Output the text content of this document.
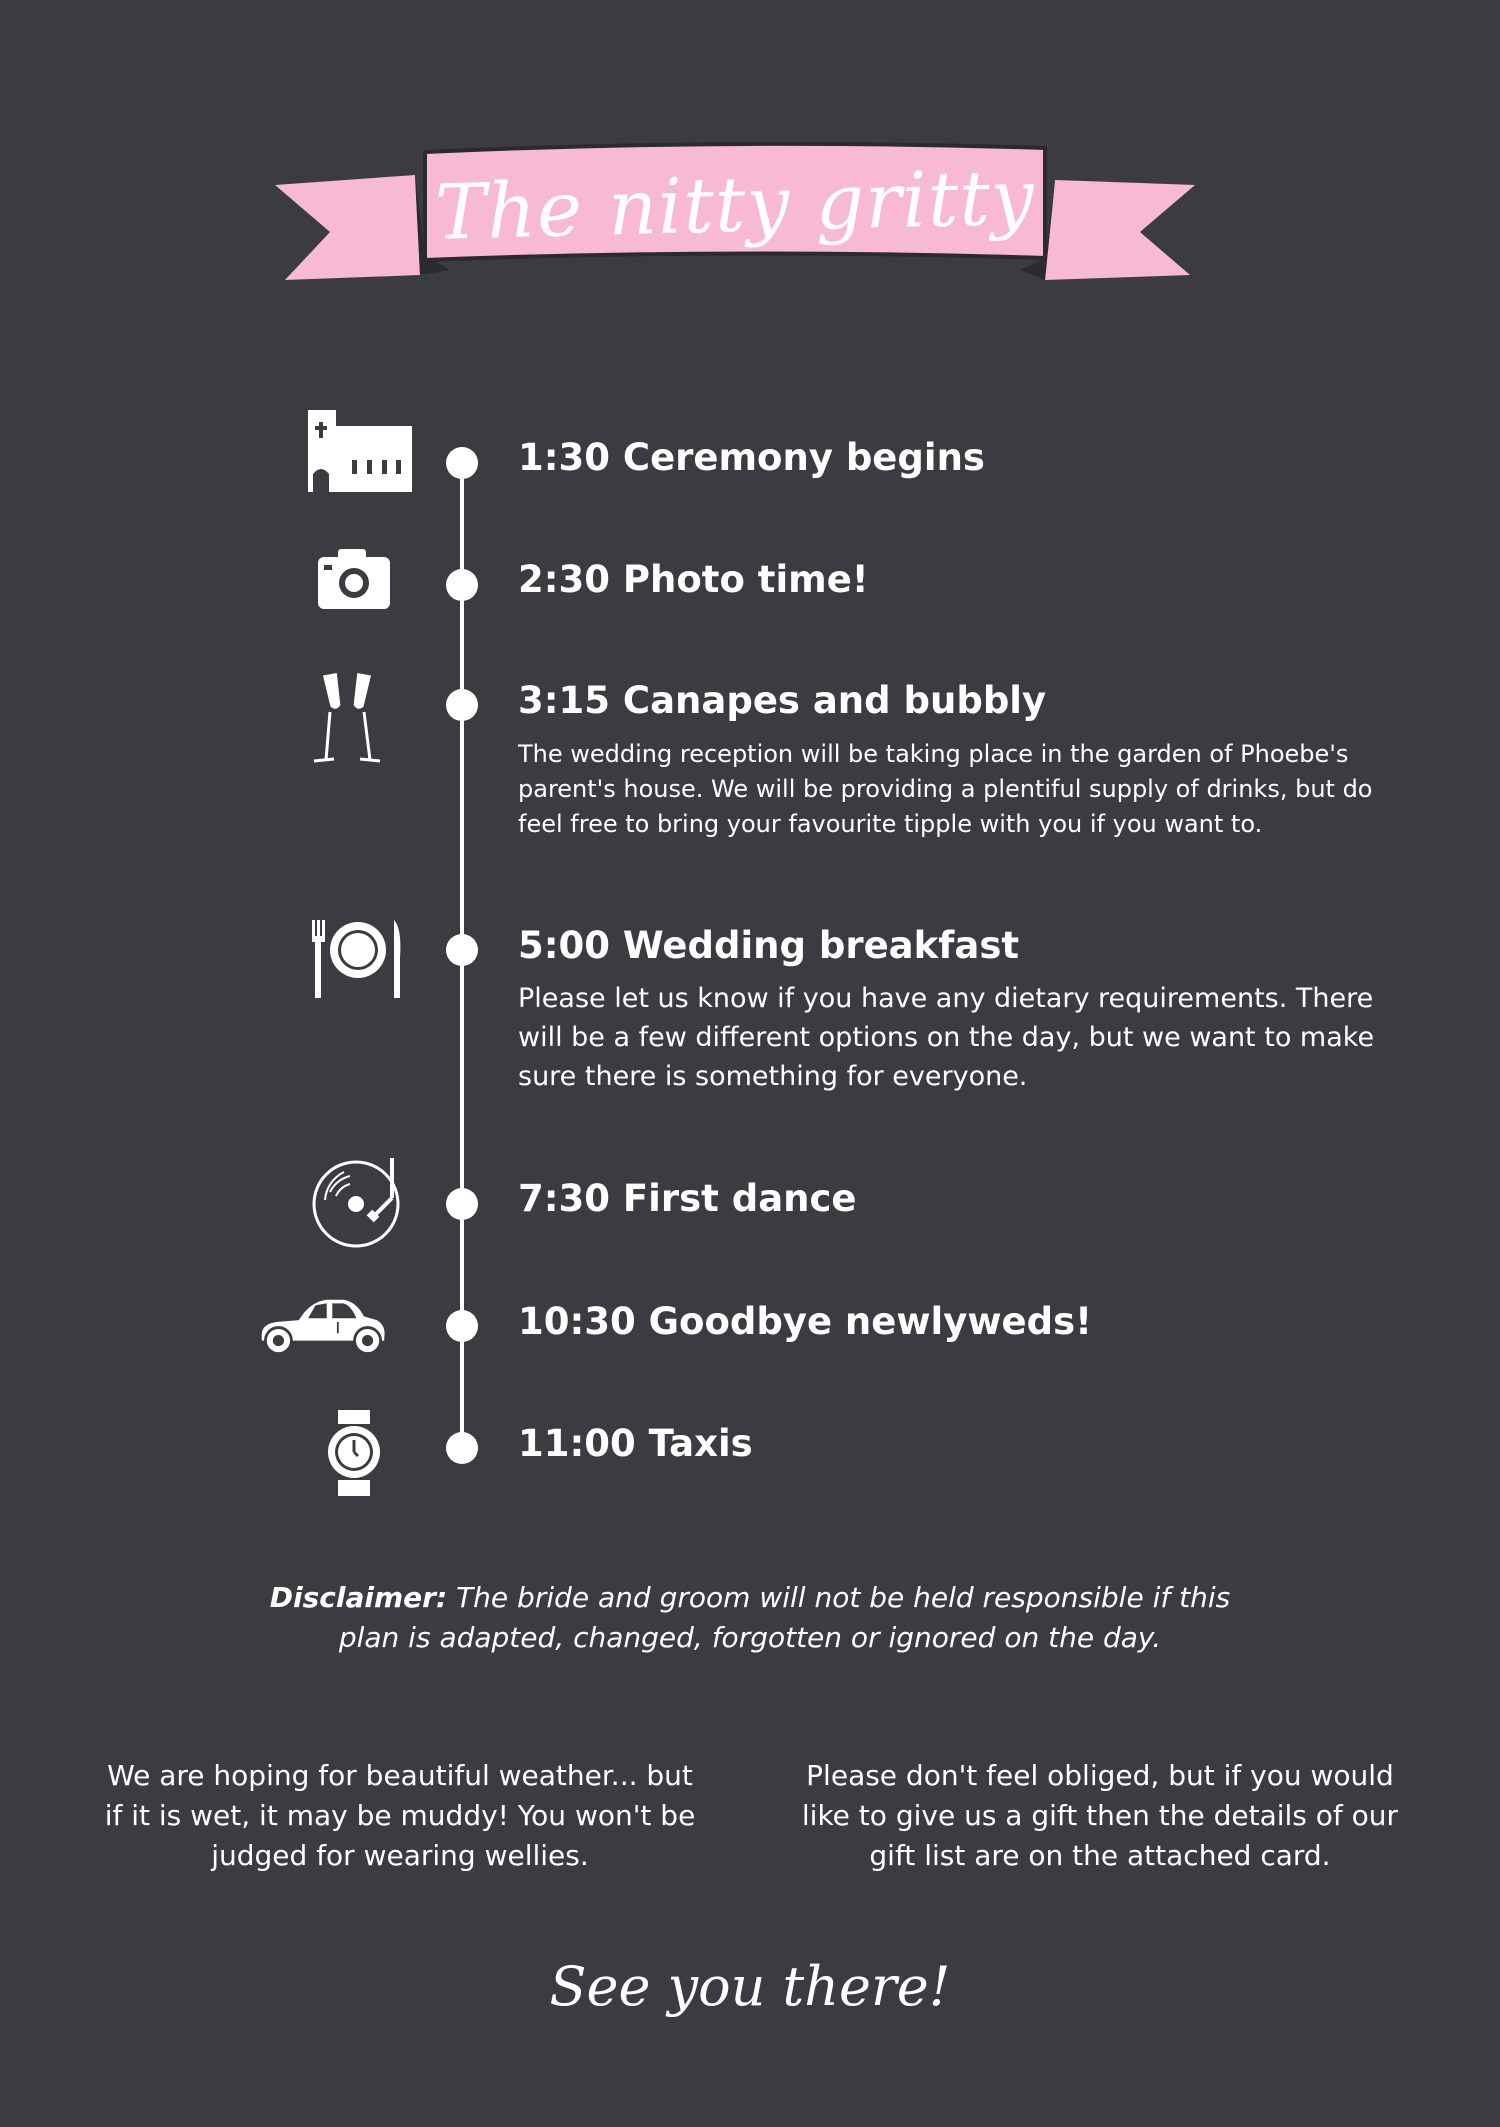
The nitty gritty
1:30 Ceremony begins
2:30 Photo time!
3:15 Canapes and bubbly
The wedding reception will be taking place in the garden of Phoebe's parent's house. We will be providing a plentiful supply of drinks, but do feel free to bring your favourite tipple with you if you want to.
5:00 Wedding breakfast
Please let us know if you have any dietary requirements. There will be a few different options on the day, but we want to make sure there is something for everyone.
7:30 First dance
10:30 Goodbye newlyweds!
11:00 Taxis
Disclaimer: The bride and groom will not be held responsible if this plan is adapted, changed, forgotten or ignored on the day.
We are hoping for beautiful weather... but if it is wet, it may be muddy! You won't be judged for wearing wellies.
Please don't feel obliged, but if you would like to give us a gift then the details of our gift list are on the attached card.
See you there!
